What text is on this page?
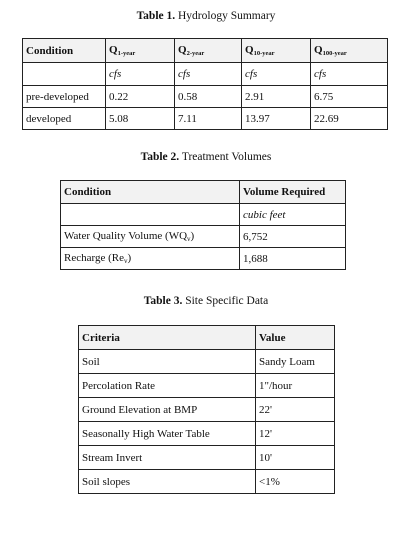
Table 1. Hydrology Summary
Condition	$Q_{1-year}$	$Q_{2-year}$	$Q_{10-year}$	$Q_{100-year}$
	cfs	cfs	cfs	cfs
pre-developed	0.22	0.58	2.91	6.75
developed	5.08	7.11	13.97	22.69
Table 2. Treatment Volumes
Condition	Volume Required
	cubic feet
Water Quality Volume $(WQ_v)$	6,752
Recharge $(Re_v)$	1,688
Table 3. Site Specific Data
Criteria	Value
Soil	Sandy Loam
Percolation Rate	1"/hour
Ground Elevation at BMP	22'
Seasonally High Water Table	12'
Stream Invert	10'
Soil slopes	<1%
